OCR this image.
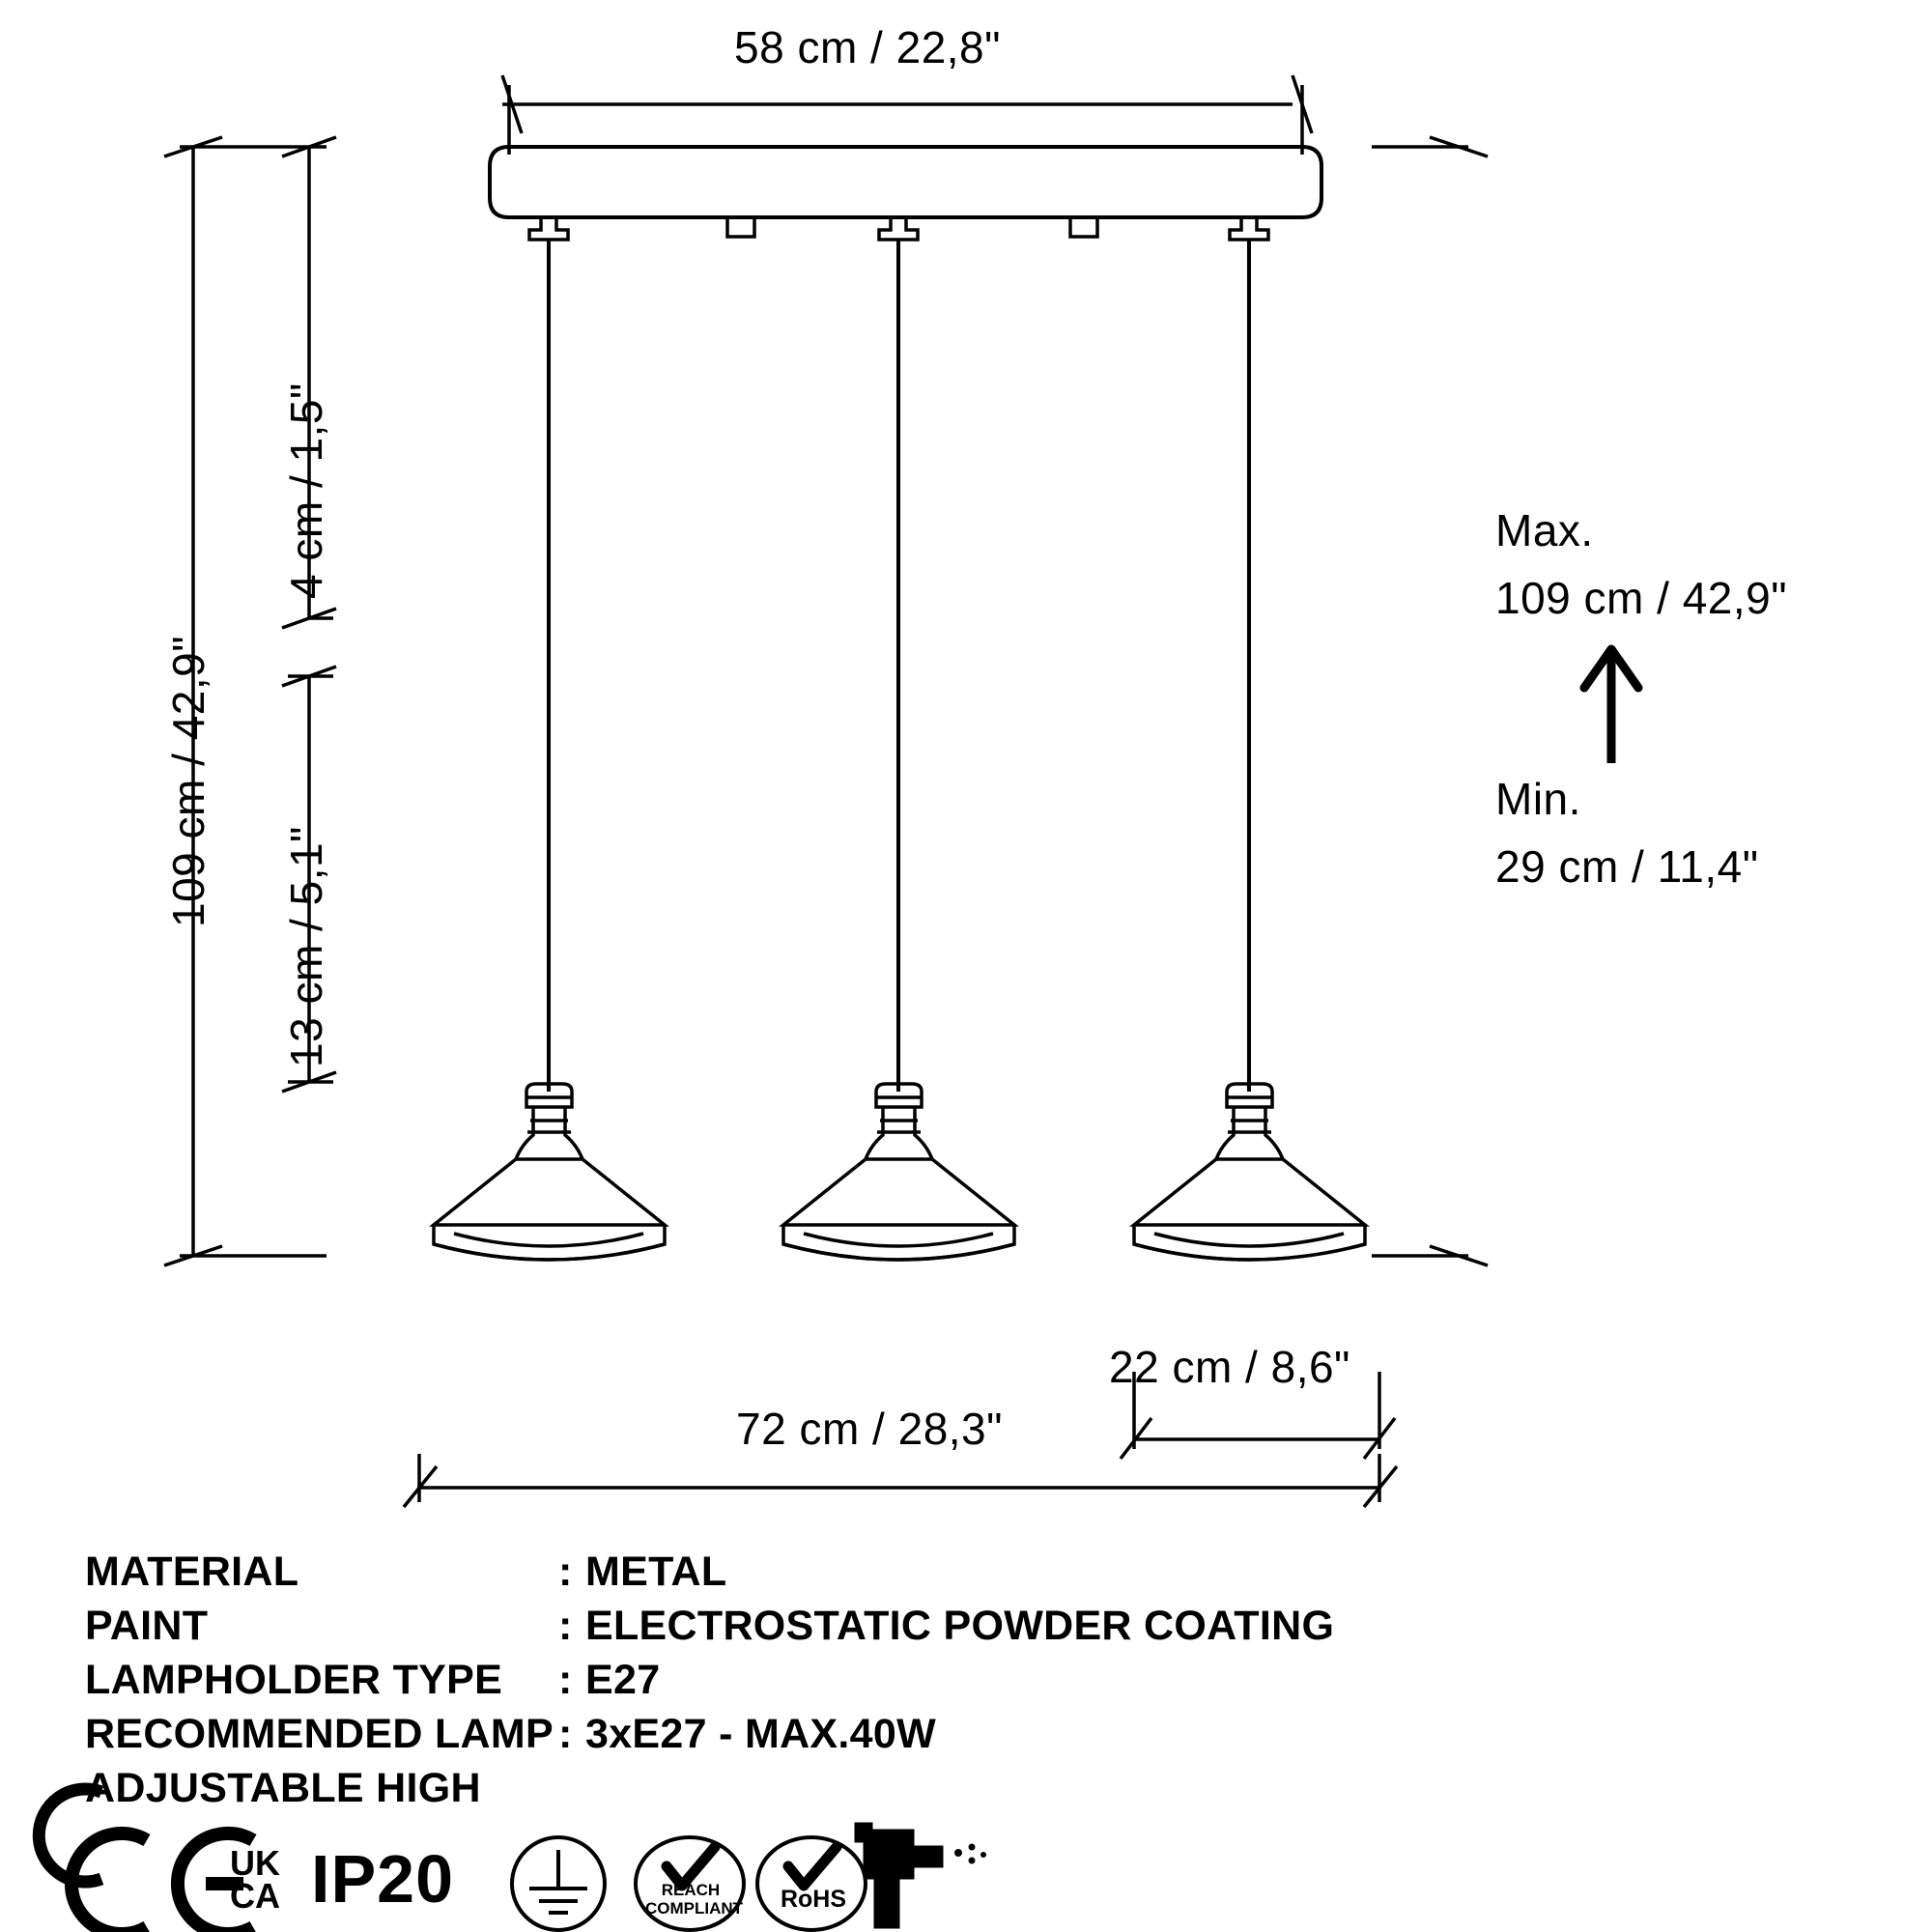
58 cm / 22,8"
109 cm / 42,9"
4 cm / 1,5"
13 cm / 5,1"
Max.
109 cm / 42,9"
Min.
29 cm / 11,4"
22 cm / 8,6"
72 cm / 28,3"
MATERIAL	: METAL
PAINT	: ELECTROSTATIC POWDER COATING
LAMPHOLDER TYPE	: E27
RECOMMENDED LAMP : 3xE27 - MAX.40W
ADJUSTABLE HIGH
UK
CA IP20	REACH
COMPLIANT	RoHS
